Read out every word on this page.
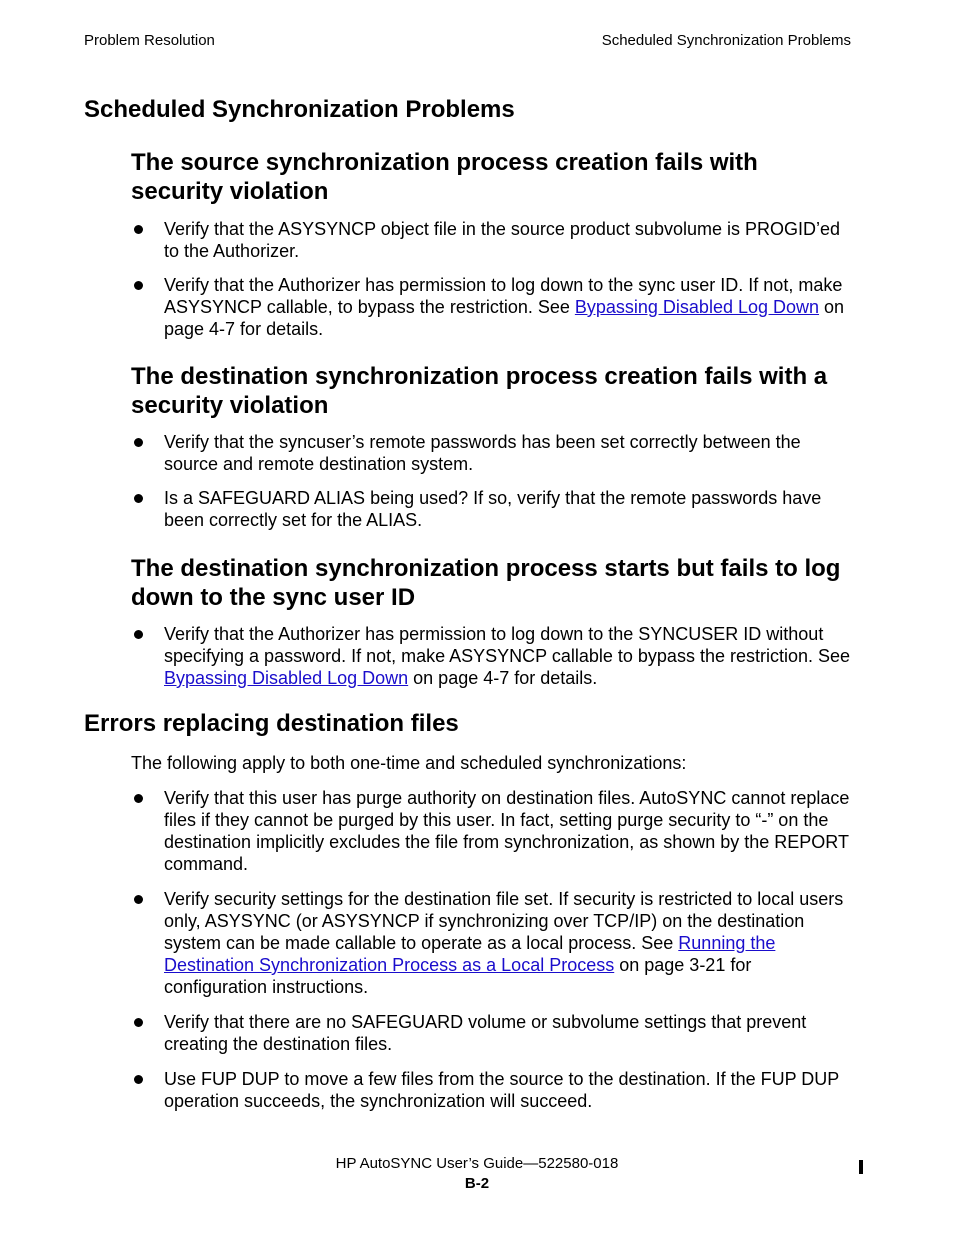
Problem Resolution	Scheduled Synchronization Problems
Scheduled Synchronization Problems
The source synchronization process creation fails with security violation
Verify that the ASYSYNCP object file in the source product subvolume is PROGID’ed to the Authorizer.
Verify that the Authorizer has permission to log down to the sync user ID. If not, make ASYSYNCP callable, to bypass the restriction. See Bypassing Disabled Log Down on page 4-7 for details.
The destination synchronization process creation fails with a security violation
Verify that the syncuser’s remote passwords has been set correctly between the source and remote destination system.
Is a SAFEGUARD ALIAS being used? If so, verify that the remote passwords have been correctly set for the ALIAS.
The destination synchronization process starts but fails to log down to the sync user ID
Verify that the Authorizer has permission to log down to the SYNCUSER ID without specifying a password. If not, make ASYSYNCP callable to bypass the restriction. See Bypassing Disabled Log Down on page 4-7 for details.
Errors replacing destination files

The following apply to both one-time and scheduled synchronizations:

Verify that this user has purge authority on destination files. AutoSYNC cannot replace files if they cannot be purged by this user. In fact, setting purge security to “-” on the destination implicitly excludes the file from synchronization, as shown by the REPORT command.
Verify security settings for the destination file set. If security is restricted to local users only, ASYSYNC (or ASYSYNCP if synchronizing over TCP/IP) on the destination system can be made callable to operate as a local process. See Running the Destination Synchronization Process as a Local Process on page 3-21 for configuration instructions.
Verify that there are no SAFEGUARD volume or subvolume settings that prevent creating the destination files.
Use FUP DUP to move a few files from the source to the destination. If the FUP DUP operation succeeds, the synchronization will succeed.
HP AutoSYNC User’s Guide—522580-018
B-2
